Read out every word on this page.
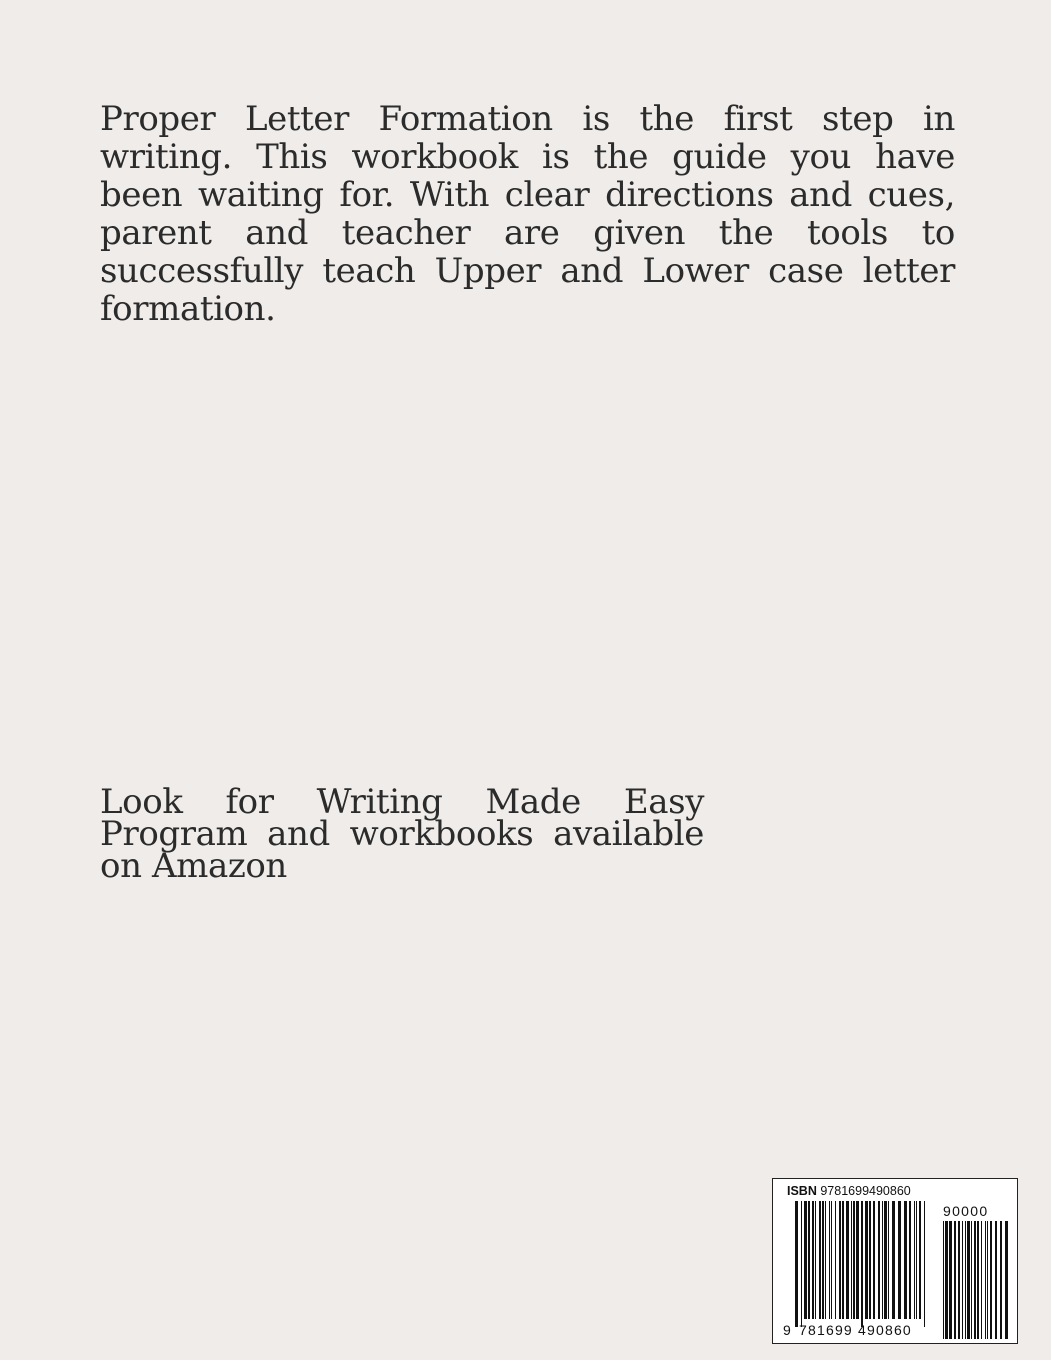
Proper Letter Formation is the first step in writing. This workbook is the guide you have been waiting for. With clear directions and cues, parent and teacher are given the tools to successfully teach Upper and Lower case letter formation.
Look for Writing Made Easy Program and workbooks available on Amazon
ISBN 9781699490860
9 781699 490860
90000
